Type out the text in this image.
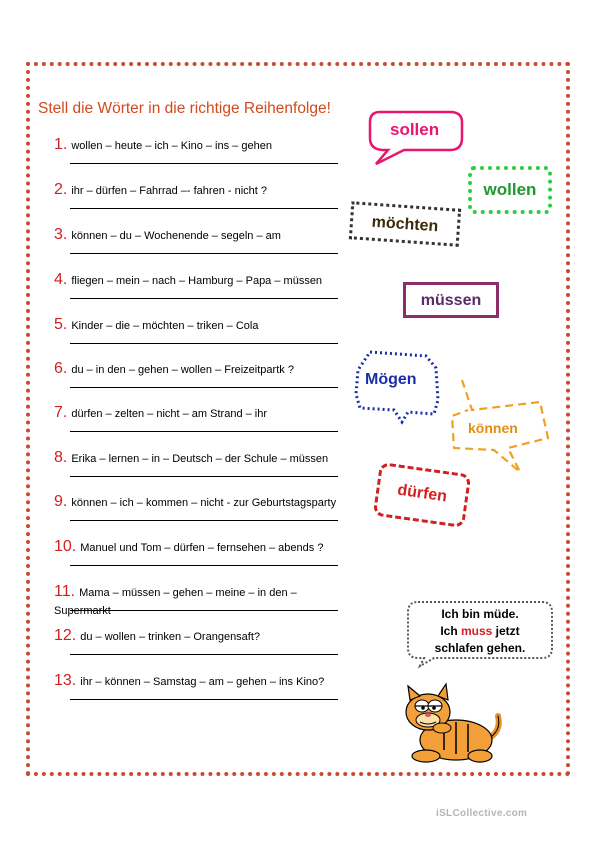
Stell die Wörter in die richtige Reihenfolge!
1. wollen – heute – ich – Kino – ins – gehen
2. ihr – dürfen – Fahrrad –- fahren - nicht ?
3. können – du – Wochenende – segeln – am
4. fliegen – mein – nach – Hamburg – Papa – müssen
5. Kinder – die – möchten – triken – Cola
6. du – in den – gehen – wollen – Freizeitpartk ?
7. dürfen – zelten – nicht – am Strand – ihr
8. Erika – lernen – in – Deutsch – der Schule – müssen
9. können – ich – kommen – nicht - zur Geburtstagsparty
10. Manuel und Tom – dürfen – fernsehen – abends ?
11. Mama – müssen – gehen – meine – in den – Supermarkt
12. du – wollen – trinken – Orangensaft?
13. ihr – können – Samstag – am – gehen – ins Kino?
sollen
wollen
möchten
müssen
Mögen
können
dürfen
Ich bin müde.
Ich muss jetzt
schlafen gehen.
iSLCollective.com
